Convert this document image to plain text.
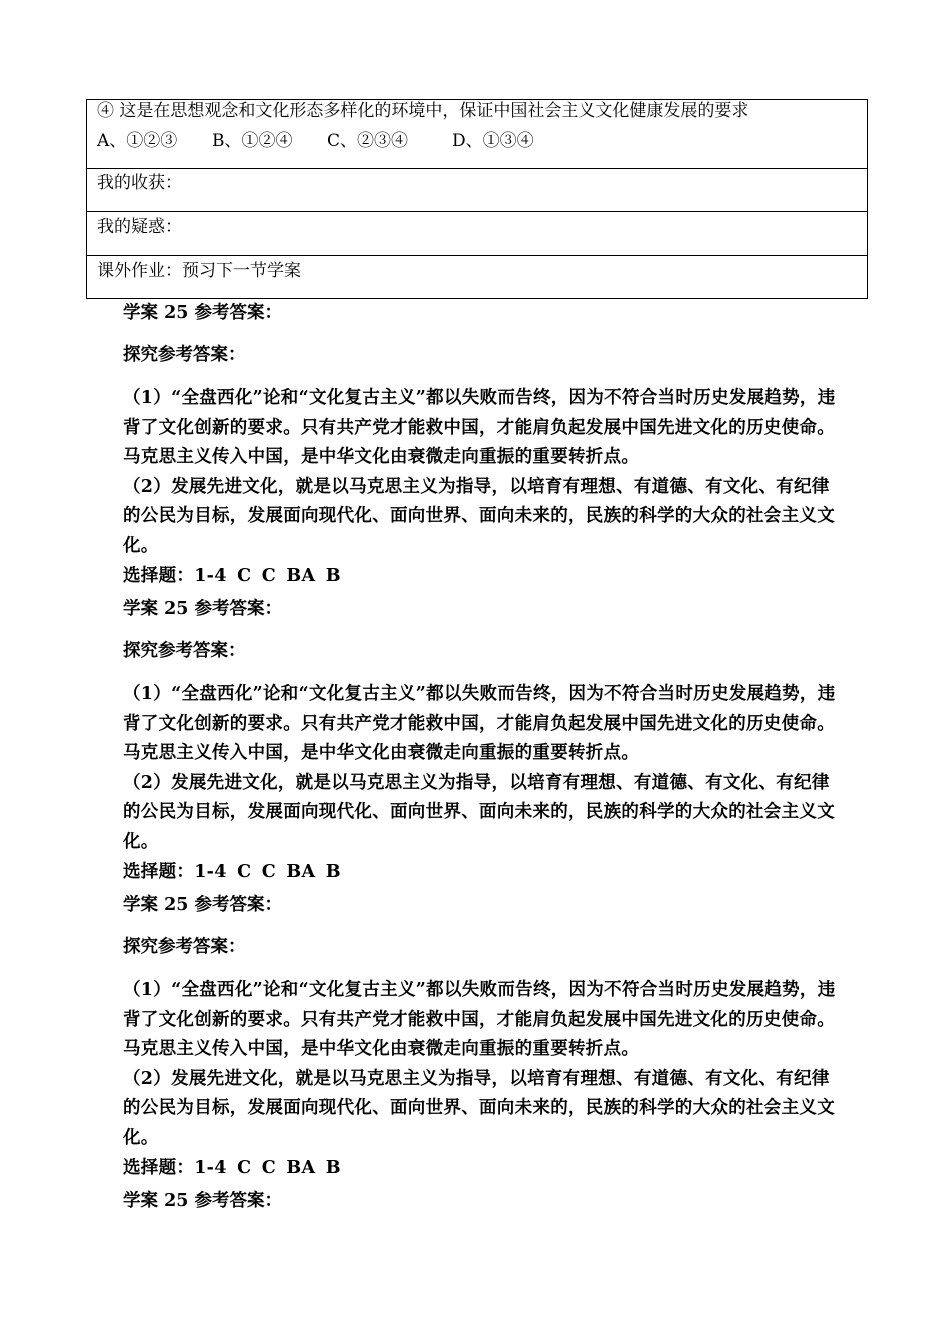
④ 这是在思想观念和文化形态多样化的环境中，保证中国社会主义文化健康发展的要求
A、①②③ B、①②④ C、②③④	D、①③④
我的收获：
我的疑惑：
课外作业：预习下一节学案
学案 25 参考答案：
探究参考答案：
（1）“全盘西化”论和“文化复古主义”都以失败而告终，因为不符合当时历史发展趋势，违背了文化创新的要求。只有共产党才能救中国，才能肩负起发展中国先进文化的历史使命。马克思主义传入中国，是中华文化由衰微走向重振的重要转折点。
（2）发展先进文化，就是以马克思主义为指导，以培育有理想、有道德、有文化、有纪律的公民为目标，发展面向现代化、面向世界、面向未来的，民族的科学的大众的社会主义文化。
选择题：1-4 C C BA B
学案 25 参考答案：
探究参考答案：
（1）“全盘西化”论和“文化复古主义”都以失败而告终，因为不符合当时历史发展趋势，违背了文化创新的要求。只有共产党才能救中国，才能肩负起发展中国先进文化的历史使命。马克思主义传入中国，是中华文化由衰微走向重振的重要转折点。
（2）发展先进文化，就是以马克思主义为指导，以培育有理想、有道德、有文化、有纪律的公民为目标，发展面向现代化、面向世界、面向未来的，民族的科学的大众的社会主义文化。
选择题：1-4 C C BA B
学案 25 参考答案：
探究参考答案：
（1）“全盘西化”论和“文化复古主义”都以失败而告终，因为不符合当时历史发展趋势，违背了文化创新的要求。只有共产党才能救中国，才能肩负起发展中国先进文化的历史使命。马克思主义传入中国，是中华文化由衰微走向重振的重要转折点。
（2）发展先进文化，就是以马克思主义为指导，以培育有理想、有道德、有文化、有纪律的公民为目标，发展面向现代化、面向世界、面向未来的，民族的科学的大众的社会主义文化。
选择题：1-4 C C BA B
学案 25 参考答案：
